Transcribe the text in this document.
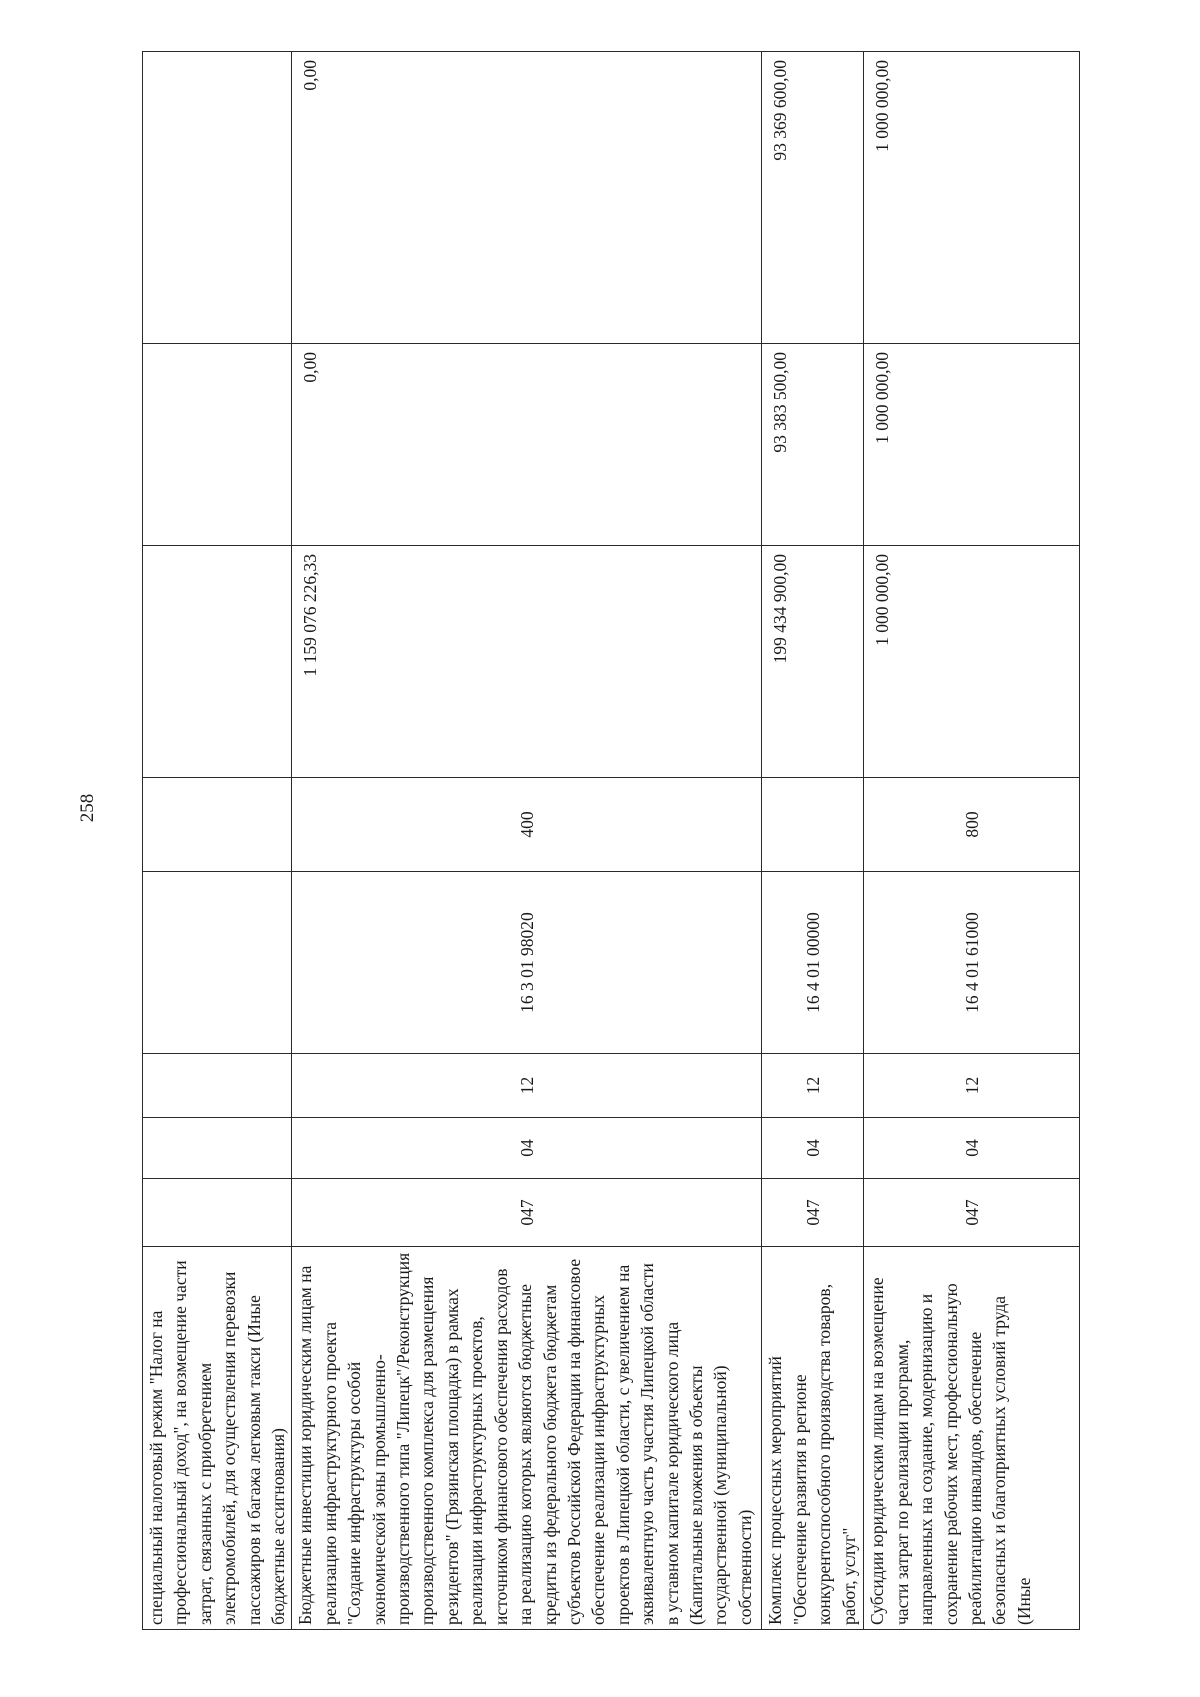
258
специальный налоговый режим "Налог на профессиональный доход", на возмещение части затрат, связанных с приобретением электромобилей, для осуществления перевозки пассажиров и багажа легковым такси (Иные бюджетные ассигнования)								
Бюджетные инвестиции юридическим лицам на реализацию инфраструктурного проекта "Создание инфраструктуры особой экономической зоны промышленно-производственного типа "Липецк"/Реконструкция производственного комплекса для размещения резидентов" (Грязинская площадка) в рамках реализации инфраструктурных проектов, источником финансового обеспечения расходов на реализацию которых являются бюджетные кредиты из федерального бюджета бюджетам субъектов Российской Федерации на финансовое обеспечение реализации инфраструктурных проектов в Липецкой области, с увеличением на эквивалентную часть участия Липецкой области в уставном капитале юридического лица (Капитальные вложения в объекты государственной (муниципальной) собственности)	047	04	12	16 3 01 98020	400	1 159 076 226,33	0,00	0,00
Комплекс процессных мероприятий "Обеспечение развития в регионе конкурентоспособного производства товаров, работ, услуг"	047	04	12	16 4 01 00000		199 434 900,00	93 383 500,00	93 369 600,00
Субсидии юридическим лицам на возмещение части затрат по реализации программ, направленных на создание, модернизацию и сохранение рабочих мест, профессиональную реабилитацию инвалидов, обеспечение безопасных и благоприятных условий труда (Иные	047	04	12	16 4 01 61000	800	1 000 000,00	1 000 000,00	1 000 000,00
